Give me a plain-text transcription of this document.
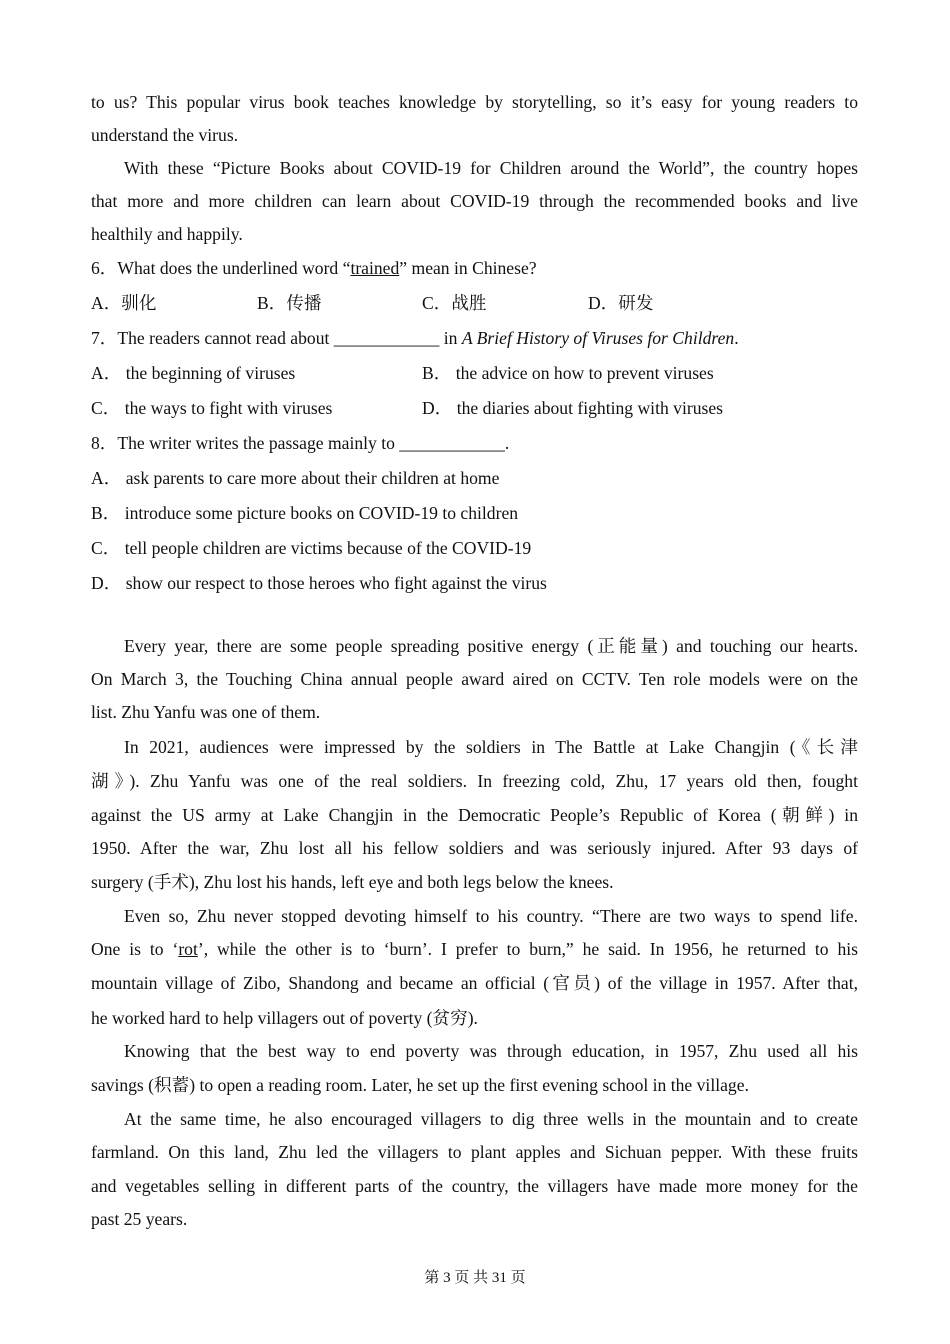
to us? This popular virus book teaches knowledge by storytelling, so it’s easy for young readers to
understand the virus.
With these “Picture Books about COVID-19 for Children around the World”, the country hopes
that more and more children can learn about COVID-19 through the recommended books and live
healthily and happily.
6．What does the underlined word “trained” mean in Chinese?
A．驯化	B．传播	C．战胜	D．研发
7．The readers cannot read about ____________ in A Brief History of Viruses for Children.
A． the beginning of viruses	B． the advice on how to prevent viruses
C． the ways to fight with viruses	D． the diaries about fighting with viruses
8．The writer writes the passage mainly to ____________.
A． ask parents to care more about their children at home
B． introduce some picture books on COVID-19 to children
C． tell people children are victims because of the COVID-19
D． show our respect to those heroes who fight against the virus
Every year, there are some people spreading positive energy (正能量) and touching our hearts.
On March 3, the Touching China annual people award aired on CCTV. Ten role models were on the
list. Zhu Yanfu was one of them.
In 2021, audiences were impressed by the soldiers in The Battle at Lake Changjin (《长津
湖》). Zhu Yanfu was one of the real soldiers. In freezing cold, Zhu, 17 years old then, fought
against the US army at Lake Changjin in the Democratic People’s Republic of Korea (朝鲜) in
1950. After the war, Zhu lost all his fellow soldiers and was seriously injured. After 93 days of
surgery (手术), Zhu lost his hands, left eye and both legs below the knees.
Even so, Zhu never stopped devoting himself to his country. “There are two ways to spend life.
One is to ‘rot’, while the other is to ‘burn’. I prefer to burn,” he said. In 1956, he returned to his
mountain village of Zibo, Shandong and became an official (官员) of the village in 1957. After that,
he worked hard to help villagers out of poverty (贫穷).
Knowing that the best way to end poverty was through education, in 1957, Zhu used all his
savings (积蓄) to open a reading room. Later, he set up the first evening school in the village.
At the same time, he also encouraged villagers to dig three wells in the mountain and to create
farmland. On this land, Zhu led the villagers to plant apples and Sichuan pepper. With these fruits
and vegetables selling in different parts of the country, the villagers have made more money for the
past 25 years.
第 3 页 共 31 页
